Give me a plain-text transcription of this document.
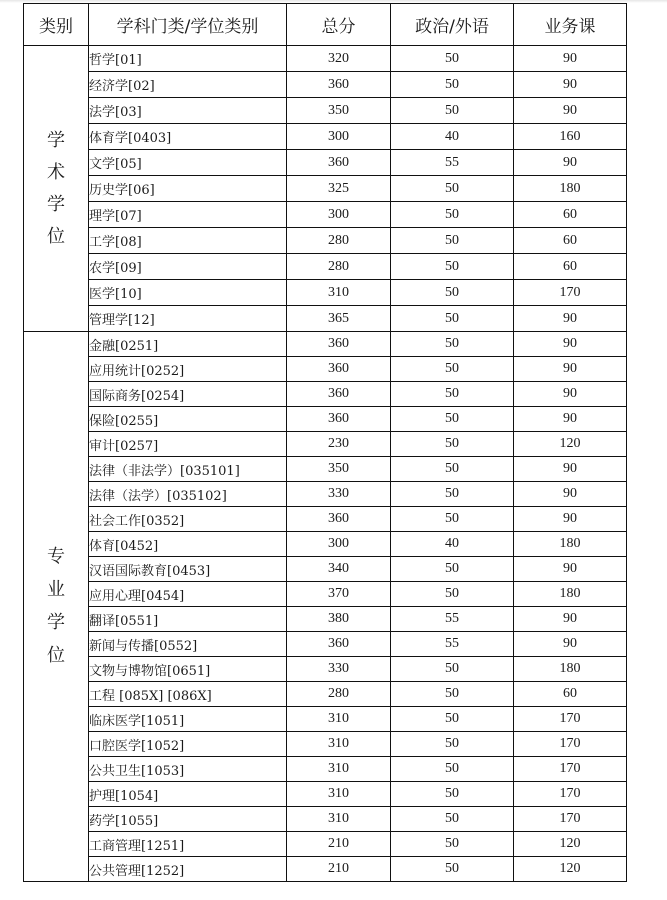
类别	学科门类/学位类别	总分	政治/外语	业务课

学
术
学
位	哲学[01]	320	50	90
	经济学[02]	360	50	90
	法学[03]	350	50	90
	体育学[0403]	300	40	160
	文学[05]	360	55	90
	历史学[06]	325	50	180
	理学[07]	300	50	60
	工学[08]	280	50	60
	农学[09]	280	50	60
	医学[10]	310	50	170
	管理学[12]	365	50	90

专
业
学
位	金融[0251]	360	50	90
	应用统计[0252]	360	50	90
	国际商务[0254]	360	50	90
	保险[0255]	360	50	90
	审计[0257]	230	50	120
	法律（非法学）[035101]	350	50	90
	法律（法学）[035102]	330	50	90
	社会工作[0352]	360	50	90
	体育[0452]	300	40	180
	汉语国际教育[0453]	340	50	90
	应用心理[0454]	370	50	180
	翻译[0551]	380	55	90
	新闻与传播[0552]	360	55	90
	文物与博物馆[0651]	330	50	180
	工程 [085X] [086X]	280	50	60
	临床医学[1051]	310	50	170
	口腔医学[1052]	310	50	170
	公共卫生[1053]	310	50	170
	护理[1054]	310	50	170
	药学[1055]	310	50	170
	工商管理[1251]	210	50	120
	公共管理[1252]	210	50	120
